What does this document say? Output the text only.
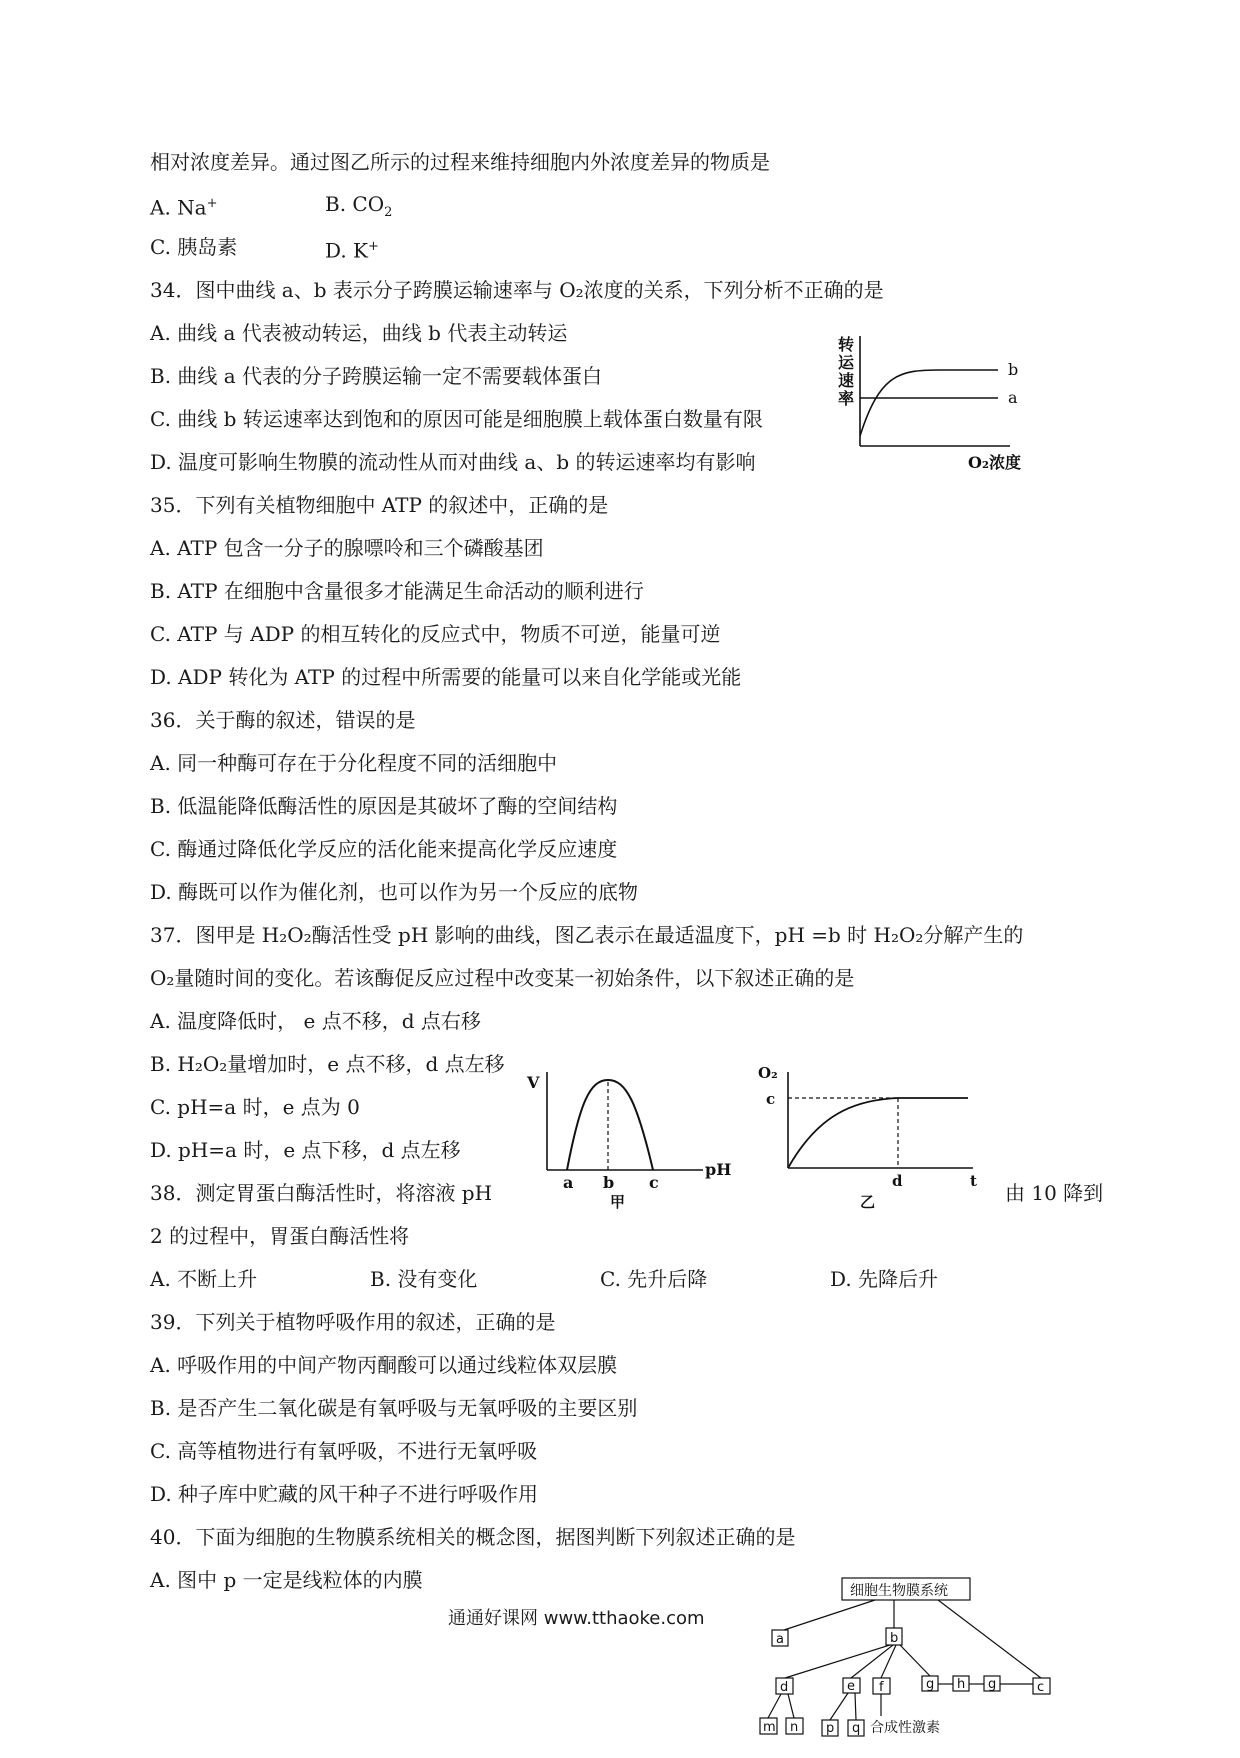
相对浓度差异。通过图乙所示的过程来维持细胞内外浓度差异的物质是
A. Na+	B. $CO_2$
C. 胰岛素	D. K+
34．图中曲线 a、b 表示分子跨膜运输速率与 O₂浓度的关系，下列分析不正确的是
A. 曲线 a 代表被动转运，曲线 b 代表主动转运
B. 曲线 a 代表的分子跨膜运输一定不需要载体蛋白
C. 曲线 b 转运速率达到饱和的原因可能是细胞膜上载体蛋白数量有限
D. 温度可影响生物膜的流动性从而对曲线 a、b 的转运速率均有影响
转
运
速
率
b
a
O₂浓度
35．下列有关植物细胞中 ATP 的叙述中，正确的是
A. ATP 包含一分子的腺嘌呤和三个磷酸基团
B. ATP 在细胞中含量很多才能满足生命活动的顺利进行
C. ATP 与 ADP 的相互转化的反应式中，物质不可逆，能量可逆
D. ADP 转化为 ATP 的过程中所需要的能量可以来自化学能或光能
36．关于酶的叙述，错误的是
A. 同一种酶可存在于分化程度不同的活细胞中
B. 低温能降低酶活性的原因是其破坏了酶的空间结构
C. 酶通过降低化学反应的活化能来提高化学反应速度
D. 酶既可以作为催化剂，也可以作为另一个反应的底物
37．图甲是 H₂O₂酶活性受 pH 影响的曲线，图乙表示在最适温度下，pH =b 时 H₂O₂分解产生的
O₂量随时间的变化。若该酶促反应过程中改变某一初始条件，以下叙述正确的是
A. 温度降低时， e 点不移，d 点右移
B. H₂O₂量增加时，e 点不移，d 点左移
C. pH=a 时，e 点为 0
D. pH=a 时，e 点下移，d 点左移
V
a b c
pH
甲
O₂
c
d	t
乙
38．测定胃蛋白酶活性时，将溶液 pH	由 10 降到
2 的过程中，胃蛋白酶活性将
A. 不断上升	B. 没有变化	C. 先升后降	D. 先降后升
39．下列关于植物呼吸作用的叙述，正确的是
A. 呼吸作用的中间产物丙酮酸可以通过线粒体双层膜
B. 是否产生二氧化碳是有氧呼吸与无氧呼吸的主要区别
C. 高等植物进行有氧呼吸，不进行无氧呼吸
D. 种子库中贮藏的风干种子不进行呼吸作用
40．下面为细胞的生物膜系统相关的概念图，据图判断下列叙述正确的是
A. 图中 p 一定是线粒体的内膜	细胞生物膜系统
a	b
d	e f	g h g	c
m n p q 合成性激素
通通好课网 www.tthaoke.com
